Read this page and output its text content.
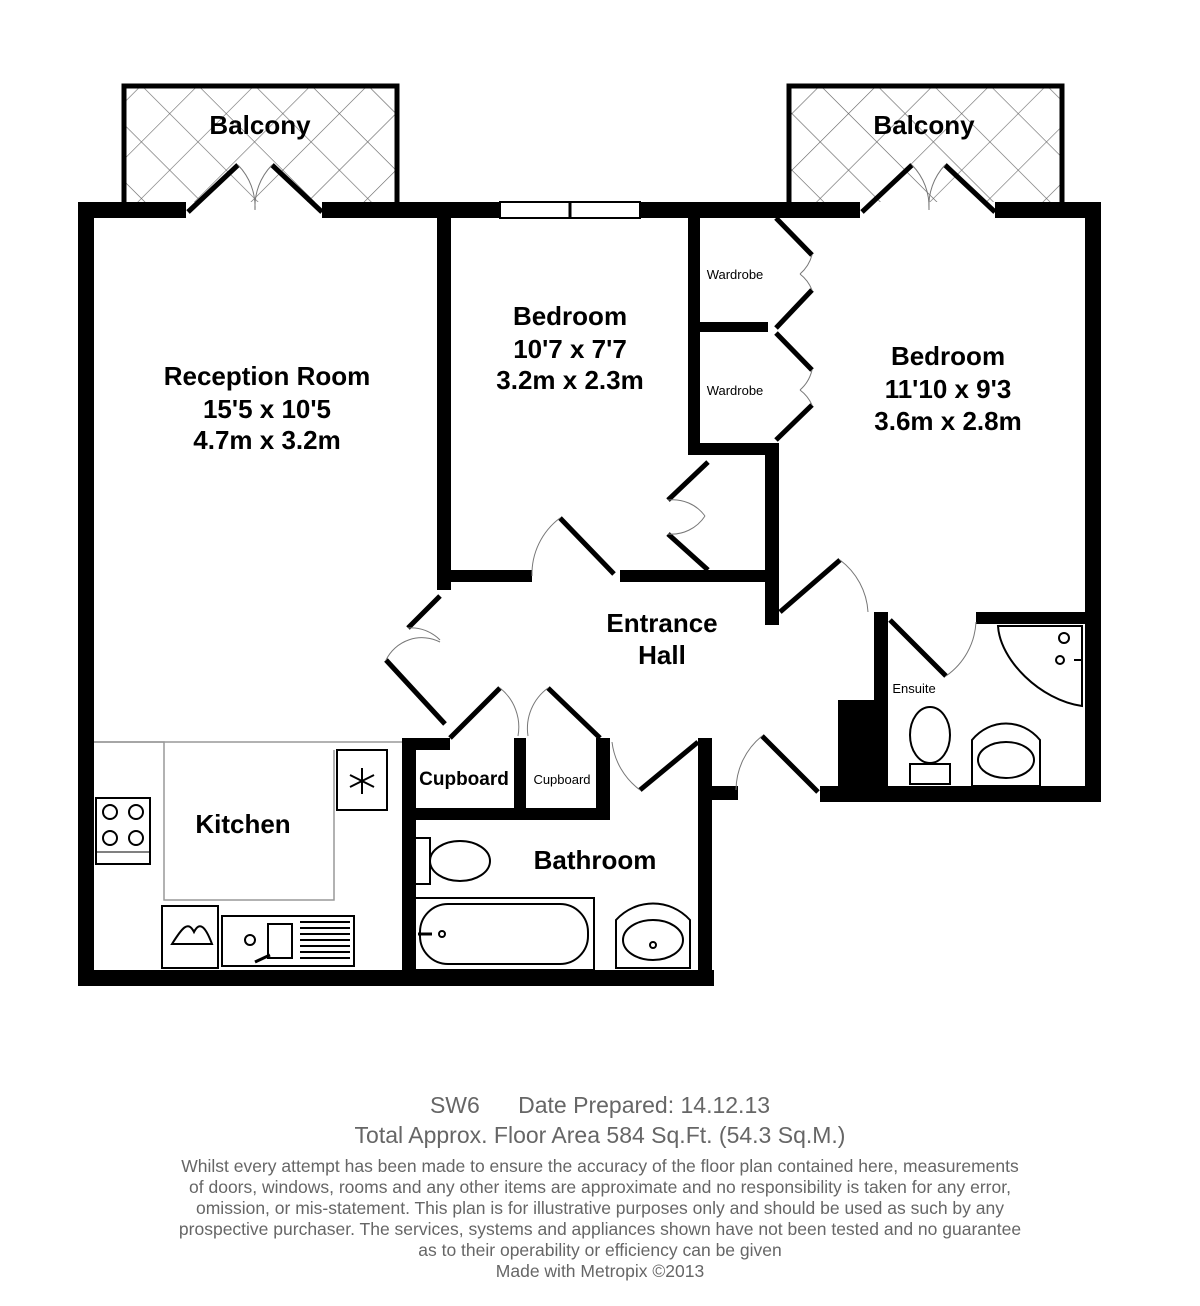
Balcony	Balcony
Reception Room
15'5 x 10'5
4.7m x 3.2m
Bedroom
10'7 x 7'7
3.2m x 2.3m
Bedroom
11'10 x 9'3
3.6m x 2.8m
Wardrobe
Wardrobe
Entrance
Hall
Ensuite
Cupboard Cupboard
Kitchen
Bathroom
SW6      Date Prepared: 14.12.13
Total Approx. Floor Area 584 Sq.Ft. (54.3 Sq.M.)
Whilst every attempt has been made to ensure the accuracy of the floor plan contained here, measurements
of doors, windows, rooms and any other items are approximate and no responsibility is taken for any error,
omission, or mis-statement. This plan is for illustrative purposes only and should be used as such by any
prospective purchaser. The services, systems and appliances shown have not been tested and no guarantee
as to their operability or efficiency can be given
Made with Metropix ©2013
